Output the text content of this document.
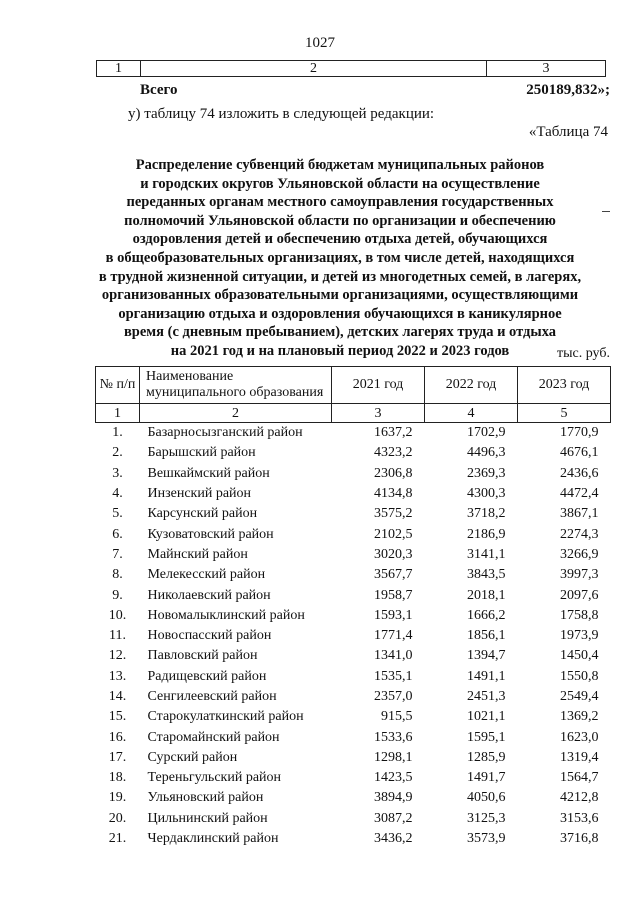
1027
1	2	3
Всего	250189,832»;
у) таблицу 74 изложить в следующей редакции:
«Таблица 74
Распределение субвенций бюджетам муниципальных районов
и городских округов Ульяновской области на осуществление
переданных органам местного самоуправления государственных
полномочий Ульяновской области по организации и обеспечению
оздоровления детей и обеспечению отдыха детей, обучающихся
в общеобразовательных организациях, в том числе детей, находящихся
в трудной жизненной ситуации, и детей из многодетных семей, в лагерях,
организованных образовательными организациями, осуществляющими
организацию отдыха и оздоровления обучающихся в каникулярное
время (с дневным пребыванием), детских лагерях труда и отдыха
на 2021 год и на плановый период 2022 и 2023 годов	тыс. руб.
№ п/п	Наименование муниципального образования	2021 год	2022 год	2023 год
1	2	3	4	5
1.	Базарносызганский район	1637,2	1702,9	1770,9
2.	Барышский район	4323,2	4496,3	4676,1
3.	Вешкаймский район	2306,8	2369,3	2436,6
4.	Инзенский район	4134,8	4300,3	4472,4
5.	Карсунский район	3575,2	3718,2	3867,1
6.	Кузоватовский район	2102,5	2186,9	2274,3
7.	Майнский район	3020,3	3141,1	3266,9
8.	Мелекесский район	3567,7	3843,5	3997,3
9.	Николаевский район	1958,7	2018,1	2097,6
10.	Новомалыклинский район	1593,1	1666,2	1758,8
11.	Новоспасский район	1771,4	1856,1	1973,9
12.	Павловский район	1341,0	1394,7	1450,4
13.	Радищевский район	1535,1	1491,1	1550,8
14.	Сенгилеевский район	2357,0	2451,3	2549,4
15.	Старокулаткинский район	915,5	1021,1	1369,2
16.	Старомайнский район	1533,6	1595,1	1623,0
17.	Сурский район	1298,1	1285,9	1319,4
18.	Тереньгульский район	1423,5	1491,7	1564,7
19.	Ульяновский район	3894,9	4050,6	4212,8
20.	Цильнинский район	3087,2	3125,3	3153,6
21.	Чердаклинский район	3436,2	3573,9	3716,8
